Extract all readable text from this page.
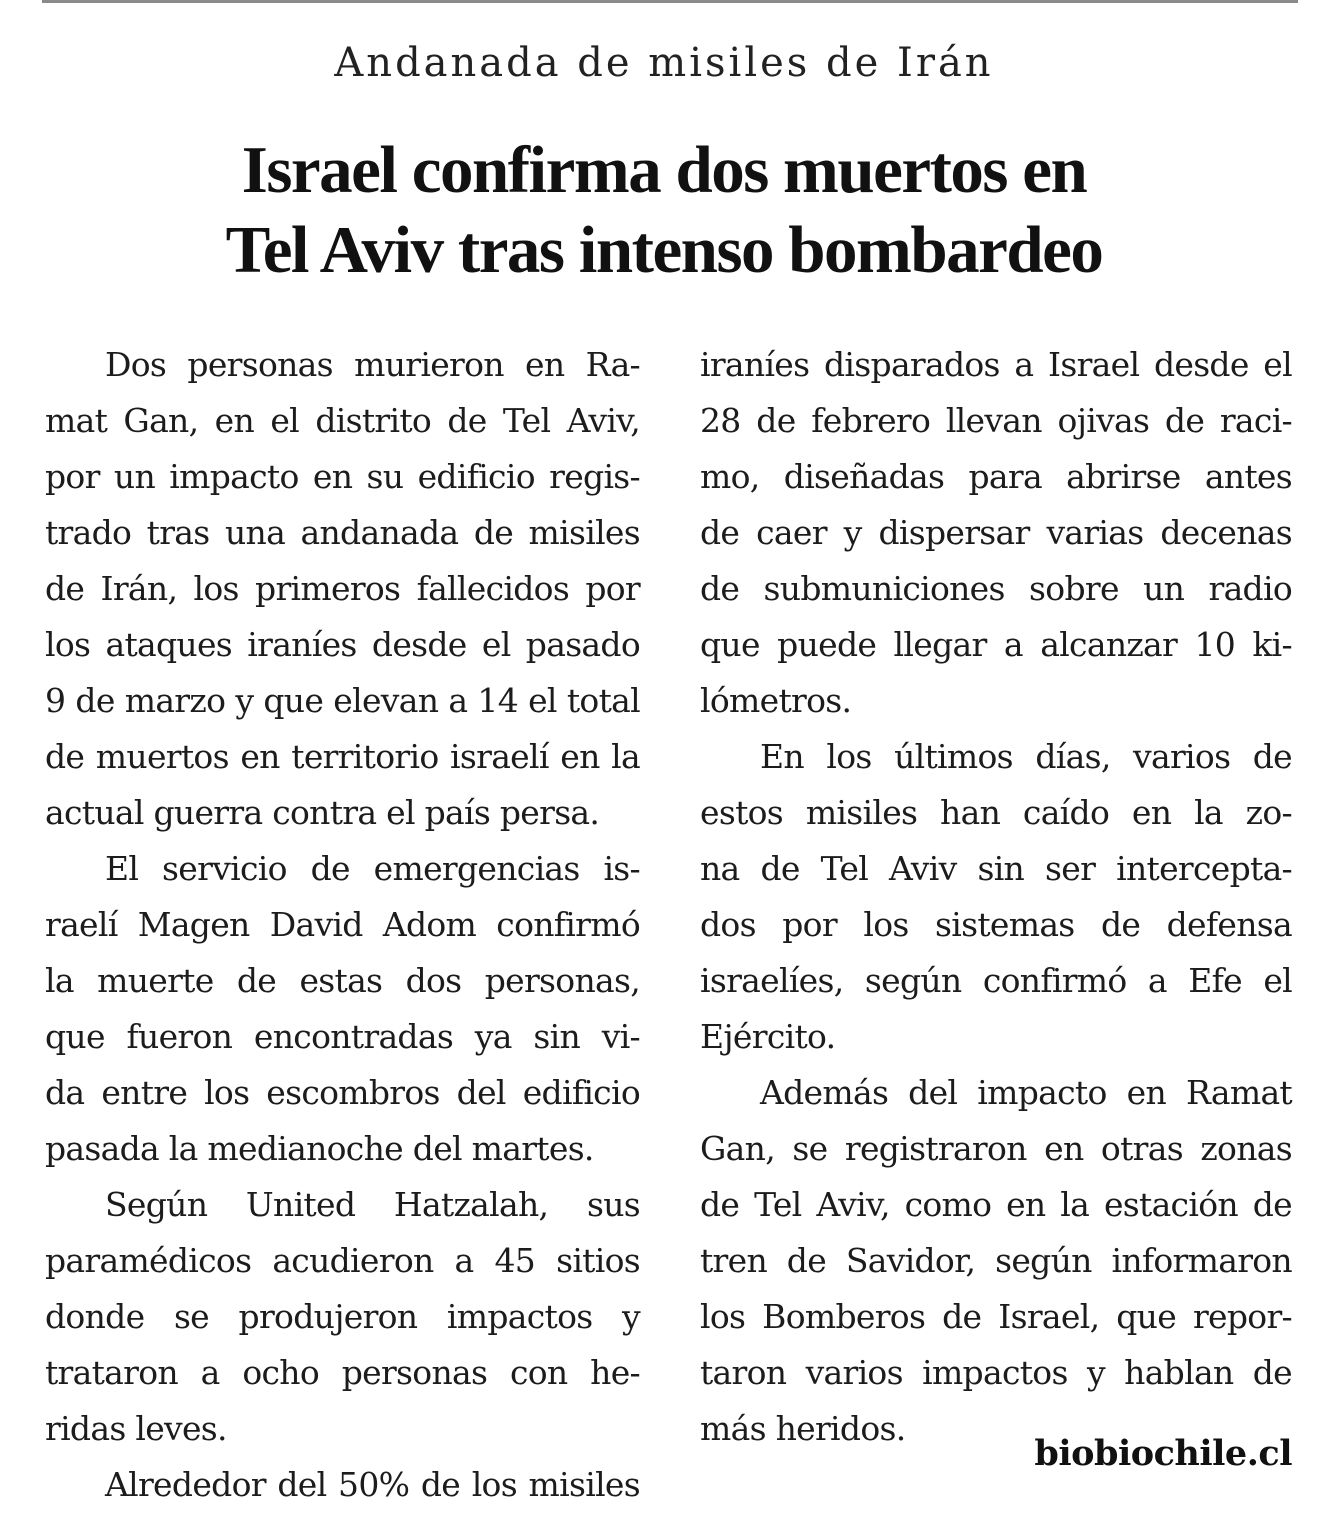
Andanada de misiles de Irán
Israel confirma dos muertos en
Tel Aviv tras intenso bombardeo
Dos personas murieron en Ra-
mat Gan, en el distrito de Tel Aviv,
por un impacto en su edificio regis-
trado tras una andanada de misiles
de Irán, los primeros fallecidos por
los ataques iraníes desde el pasado
9 de marzo y que elevan a 14 el total
de muertos en territorio israelí en la
actual guerra contra el país persa.
El servicio de emergencias is-
raelí Magen David Adom confirmó
la muerte de estas dos personas,
que fueron encontradas ya sin vi-
da entre los escombros del edificio
pasada la medianoche del martes.
Según United Hatzalah, sus
paramédicos acudieron a 45 sitios
donde se produjeron impactos y
trataron a ocho personas con he-
ridas leves.
Alrededor del 50% de los misiles
iraníes disparados a Israel desde el
28 de febrero llevan ojivas de raci-
mo, diseñadas para abrirse antes
de caer y dispersar varias decenas
de submuniciones sobre un radio
que puede llegar a alcanzar 10 ki-
lómetros.
En los últimos días, varios de
estos misiles han caído en la zo-
na de Tel Aviv sin ser intercepta-
dos por los sistemas de defensa
israelíes, según confirmó a Efe el
Ejército.
Además del impacto en Ramat
Gan, se registraron en otras zonas
de Tel Aviv, como en la estación de
tren de Savidor, según informaron
los Bomberos de Israel, que repor-
taron varios impactos y hablan de
más heridos.
biobiochile.cl
